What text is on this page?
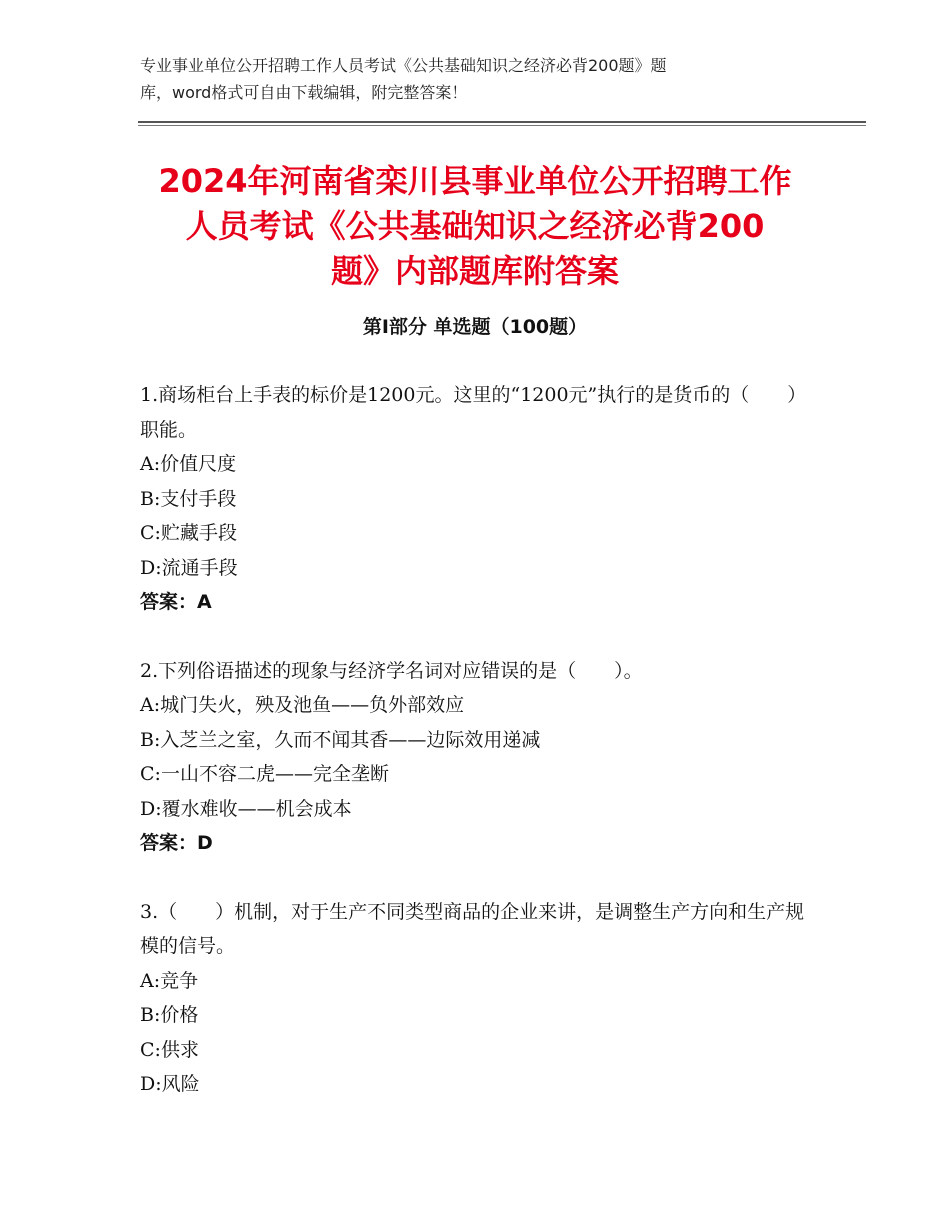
专业事业单位公开招聘工作人员考试《公共基础知识之经济必背200题》题
库，word格式可自由下载编辑，附完整答案！
2024年河南省栾川县事业单位公开招聘工作
人员考试《公共基础知识之经济必背200
题》内部题库附答案
第Ⅰ部分 单选题（100题）

1.商场柜台上手表的标价是1200元。这里的“1200元”执行的是货币的（　　）职能。

A:价值尺度

B:支付手段

C:贮藏手段

D:流通手段

答案：A

2.下列俗语描述的现象与经济学名词对应错误的是（　　）。

A:城门失火，殃及池鱼——负外部效应

B:入芝兰之室，久而不闻其香——边际效用递减

C:一山不容二虎——完全垄断

D:覆水难收——机会成本

答案：D

3.（　　）机制，对于生产不同类型商品的企业来讲，是调整生产方向和生产规模的信号。

A:竞争

B:价格

C:供求

D:风险
